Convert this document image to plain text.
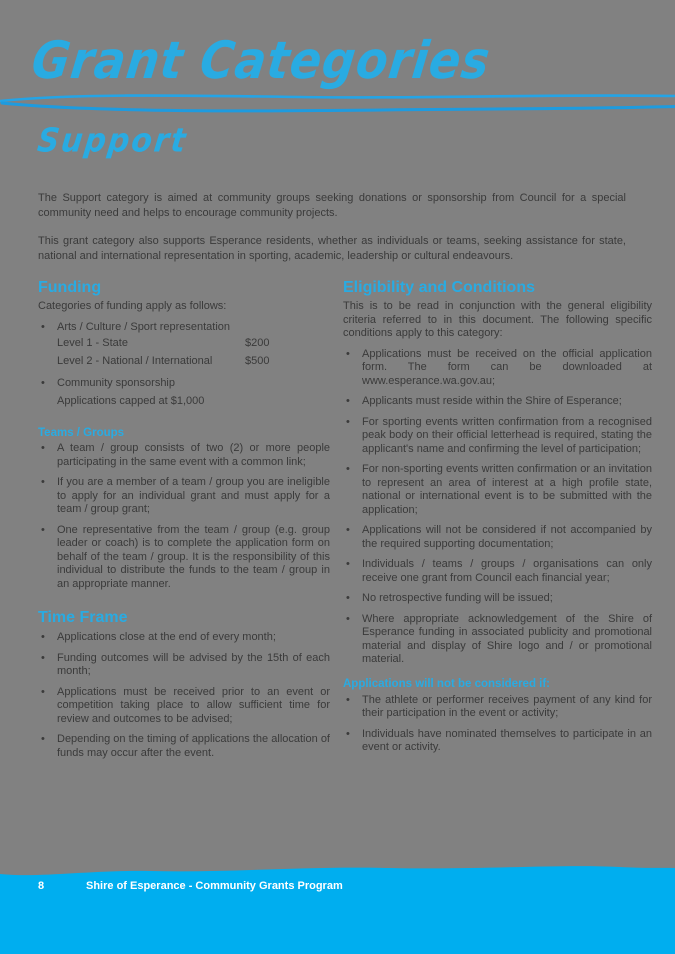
Grant Categories
Support

The Support category is aimed at community groups seeking donations or sponsorship from Council for a special community need and helps to encourage community projects.

This grant category also supports Esperance residents, whether as individuals or teams, seeking assistance for state, national and international representation in sporting, academic, leadership or cultural endeavours.

Funding

Categories of funding apply as follows:

•	Arts / Culture / Sport representation
Level 1 - State	$200
Level 2 - National / International	$500
•	Community sponsorship
Applications capped at $1,000
Teams / Groups
•	A team / group consists of two (2) or more people participating in the same event with a common link;
•	If you are a member of a team / group you are ineligible to apply for an individual grant and must apply for a team / group grant;
•	One representative from the team / group (e.g. group leader or coach) is to complete the application form on behalf of the team / group. It is the responsibility of this individual to distribute the funds to the team / group in an appropriate manner.
Time Frame
•	Applications close at the end of every month;
•	Funding outcomes will be advised by the 15th of each month;
•	Applications must be received prior to an event or competition taking place to allow sufficient time for review and outcomes to be advised;
•	Depending on the timing of applications the allocation of funds may occur after the event.
Eligibility and Conditions

This is to be read in conjunction with the general eligibility criteria referred to in this document. The following specific conditions apply to this category:

•	Applications must be received on the official application form. The form can be downloaded at www.esperance.wa.gov.au;
•	Applicants must reside within the Shire of Esperance;
•	For sporting events written confirmation from a recognised peak body on their official letterhead is required, stating the applicant's name and confirming the level of participation;
•	For non-sporting events written confirmation or an invitation to represent an area of interest at a high profile state, national or international event is to be submitted with the application;
•	Applications will not be considered if not accompanied by the required supporting documentation;
•	Individuals / teams / groups / organisations can only receive one grant from Council each financial year;
•	No retrospective funding will be issued;
•	Where appropriate acknowledgement of the Shire of Esperance funding in associated publicity and promotional material and display of Shire logo and / or promotional material.
Applications will not be considered if:
•	The athlete or performer receives payment of any kind for their participation in the event or activity;
•	Individuals have nominated themselves to participate in an event or activity.
8	Shire of Esperance - Community Grants Program
